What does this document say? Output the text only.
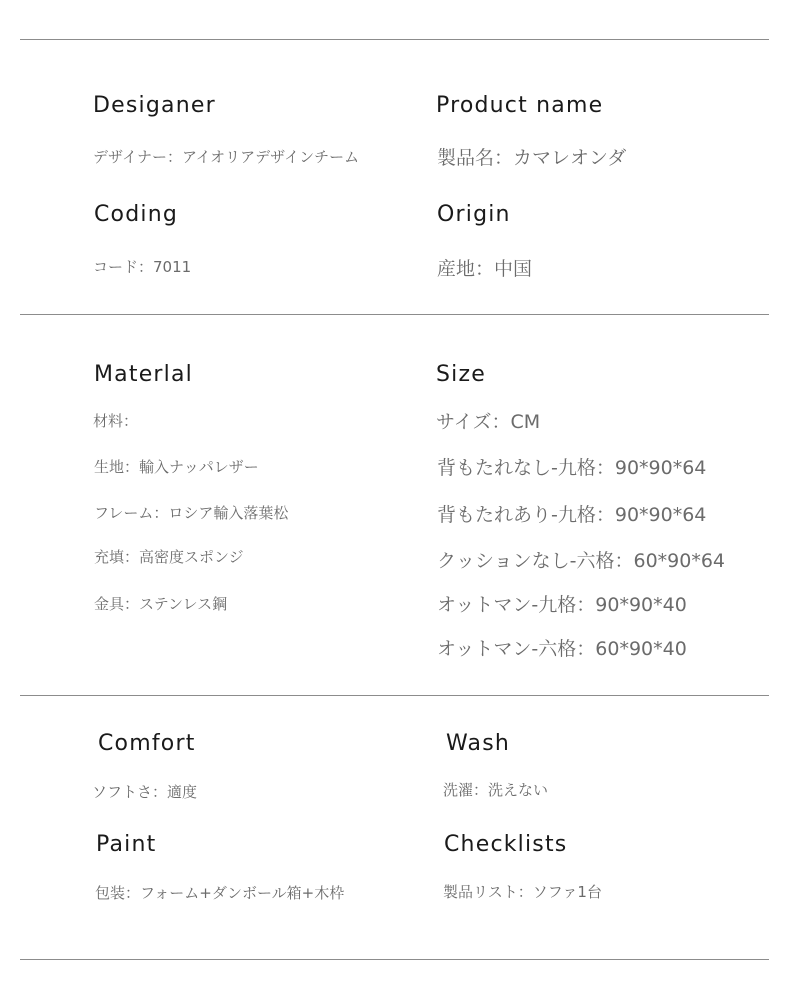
Desiganer

デザイナー：アイオリアデザインチーム

Product name

製品名：カマレオンダ

Coding

コード：7011

Origin

産地：中国

Materlal

材料：

生地：輸入ナッパレザー

フレーム：ロシア輸入落葉松

充填：高密度スポンジ

金具：ステンレス鋼

Size

サイズ：CM

背もたれなし-九格：90*90*64

背もたれあり-九格：90*90*64

クッションなし-六格：60*90*64

オットマン-九格：90*90*40

オットマン-六格：60*90*40

Comfort

ソフトさ：適度

Wash

洗濯：洗えない

Paint

包装：フォーム+ダンボール箱+木枠

Checklists

製品リスト：ソファ1台
